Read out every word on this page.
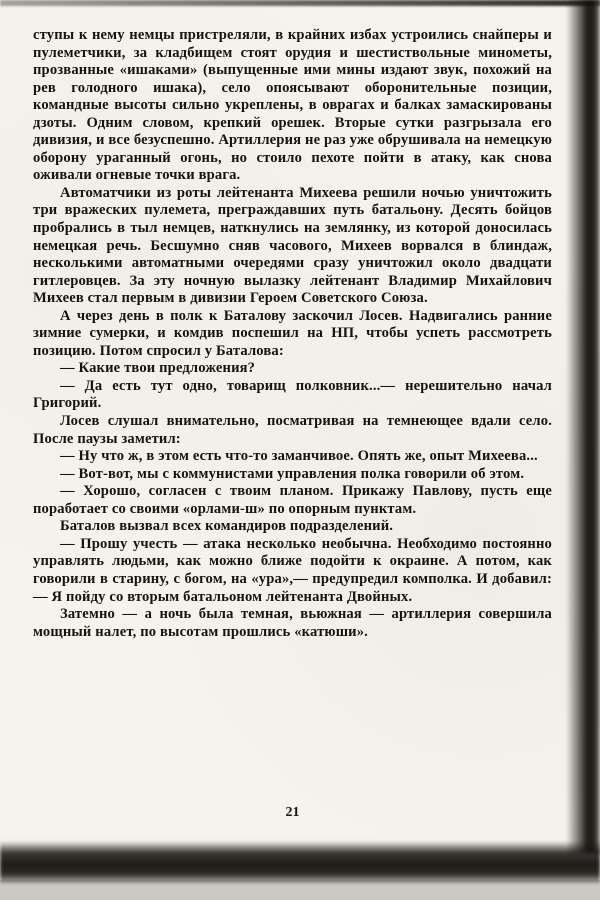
ступы к нему немцы пристреляли, в крайних избах устроились снайперы и пулеметчики, за кладбищем стоят орудия и шестиствольные минометы, прозванные «ишаками» (выпущенные ими мины издают звук, похожий на рев голодного ишака), село опоясывают оборонительные позиции, командные высоты сильно укреплены, в оврагах и балках замаскированы дзоты. Одним словом, крепкий орешек. Вторые сутки разгрызала его дивизия, и все безуспешно. Артиллерия не раз уже обрушивала на немецкую оборону ураганный огонь, но стоило пехоте пойти в атаку, как снова оживали огневые точки врага.

Автоматчики из роты лейтенанта Михеева решили ночью уничтожить три вражеских пулемета, преграждавших путь батальону. Десять бойцов пробрались в тыл немцев, наткнулись на землянку, из которой доносилась немецкая речь. Бесшумно сняв часового, Михеев ворвался в блиндаж, несколькими автоматными очередями сразу уничтожил около двадцати гитлеровцев. За эту ночную вылазку лейтенант Владимир Михайлович Михеев стал первым в дивизии Героем Советского Союза.

А через день в полк к Баталову заскочил Лосев. Надвигались ранние зимние сумерки, и комдив поспешил на НП, чтобы успеть рассмотреть позицию. Потом спросил у Баталова:

— Какие твои предложения?

— Да есть тут одно, товарищ полковник...— нерешительно начал Григорий.

Лосев слушал внимательно, посматривая на темнеющее вдали село. После паузы заметил:

— Ну что ж, в этом есть что-то заманчивое. Опять же, опыт Михеева...

— Вот-вот, мы с коммунистами управления полка говорили об этом.

— Хорошо, согласен с твоим планом. Прикажу Павлову, пусть еще поработает со своими «орлами-ш» по опорным пунктам.

Баталов вызвал всех командиров подразделений.

— Прошу учесть — атака несколько необычна. Необходимо постоянно управлять людьми, как можно ближе подойти к окраине. А потом, как говорили в старину, с богом, на «ура»,— предупредил комполка. И добавил: — Я пойду со вторым батальоном лейтенанта Двойных.

Затемно — а ночь была темная, вьюжная — артиллерия совершила мощный налет, по высотам прошлись «катюши».

21
